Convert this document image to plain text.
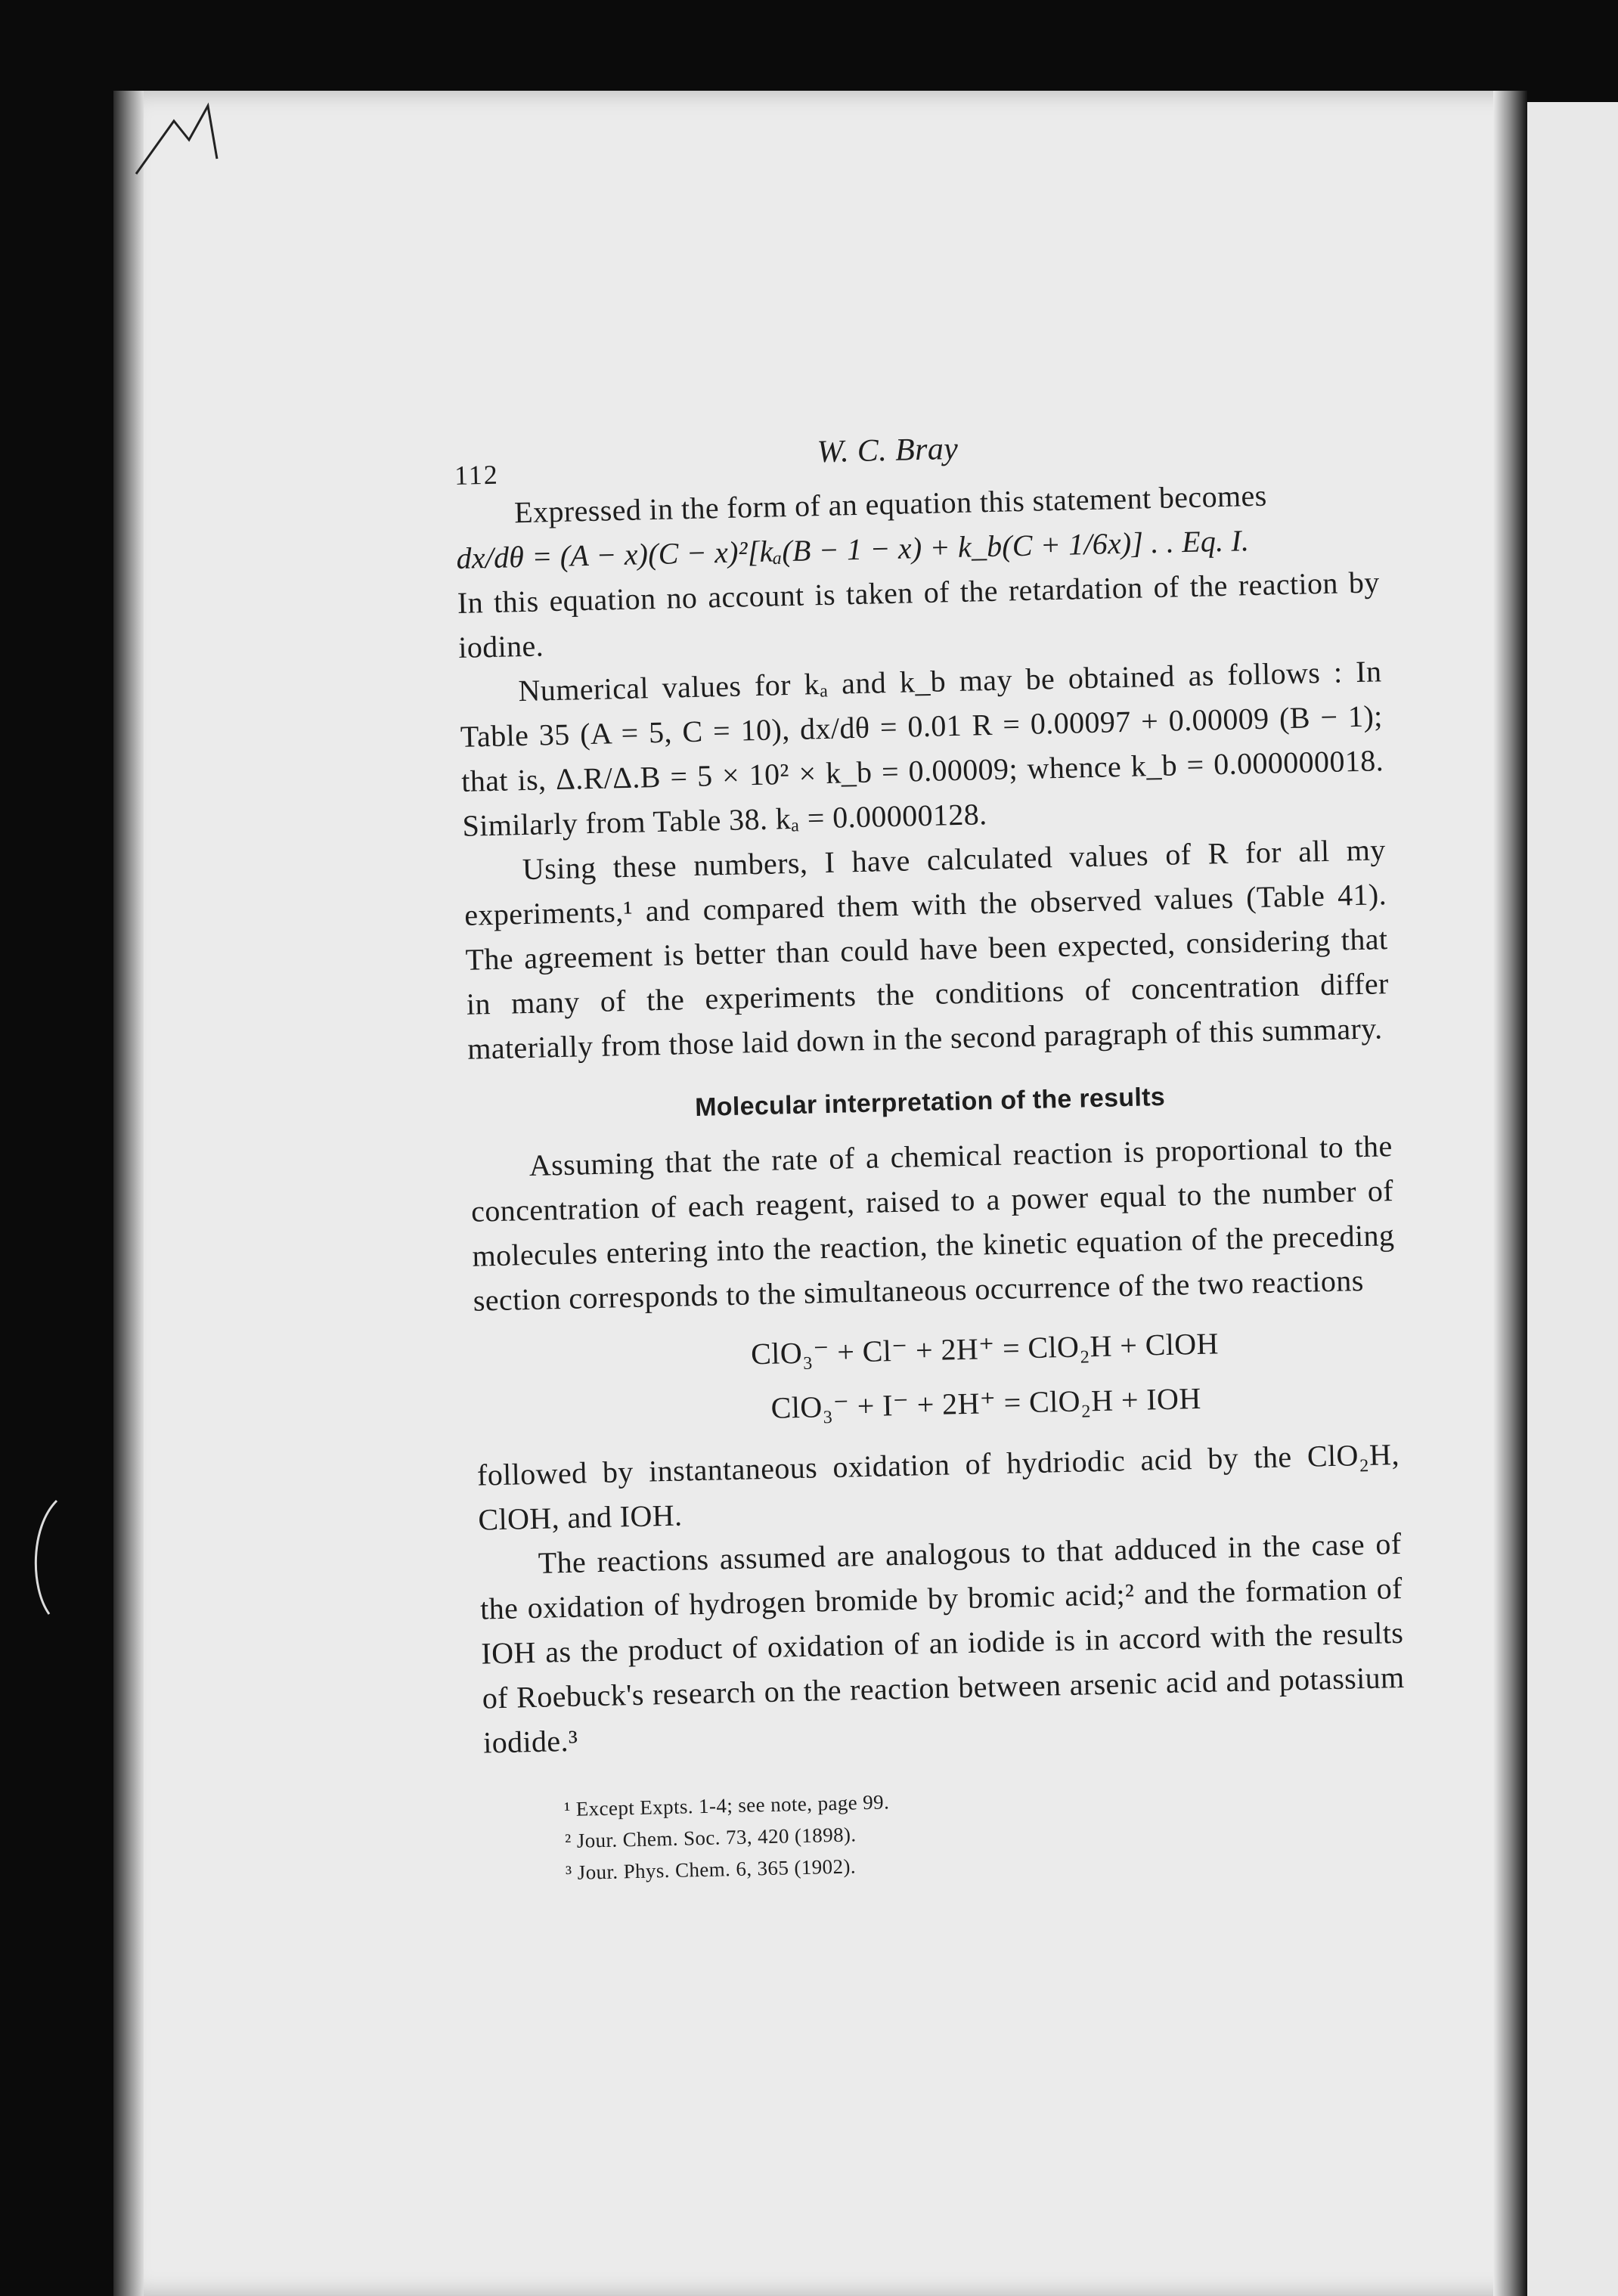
112
W. C. Bray

Expressed in the form of an equation this statement becomes

dx/dθ = (A − x)(C − x)²[kₐ(B − 1 − x) + k_b(C + 1/6x)] . . Eq. I.

In this equation no account is taken of the retardation of the reaction by iodine.

Numerical values for kₐ and k_b may be obtained as follows : In Table 35 (A = 5, C = 10), dx/dθ = 0.01 R = 0.00097 + 0.00009 (B − 1); that is, Δ.R/Δ.B = 5 × 10² × k_b = 0.00009; whence k_b = 0.000000018. Similarly from Table 38. kₐ = 0.00000128.

Using these numbers, I have calculated values of R for all my experiments,¹ and compared them with the observed values (Table 41). The agreement is better than could have been expected, considering that in many of the experiments the conditions of concentration differ materially from those laid down in the second paragraph of this summary.

Molecular interpretation of the results

Assuming that the rate of a chemical reaction is proportional to the concentration of each reagent, raised to a power equal to the number of molecules entering into the reaction, the kinetic equation of the preceding section corresponds to the simultaneous occurrence of the two reactions

ClO₃⁻ + Cl⁻ + 2H⁺ = ClO₂H + ClOH
ClO₃⁻ + I⁻ + 2H⁺ = ClO₂H + IOH

followed by instantaneous oxidation of hydriodic acid by the ClO₂H, ClOH, and IOH.

The reactions assumed are analogous to that adduced in the case of the oxidation of hydrogen bromide by bromic acid;² and the formation of IOH as the product of oxidation of an iodide is in accord with the results of Roebuck's research on the reaction between arsenic acid and potassium iodide.³

¹ Except Expts. 1-4; see note, page 99.
² Jour. Chem. Soc. 73, 420 (1898).
³ Jour. Phys. Chem. 6, 365 (1902).
